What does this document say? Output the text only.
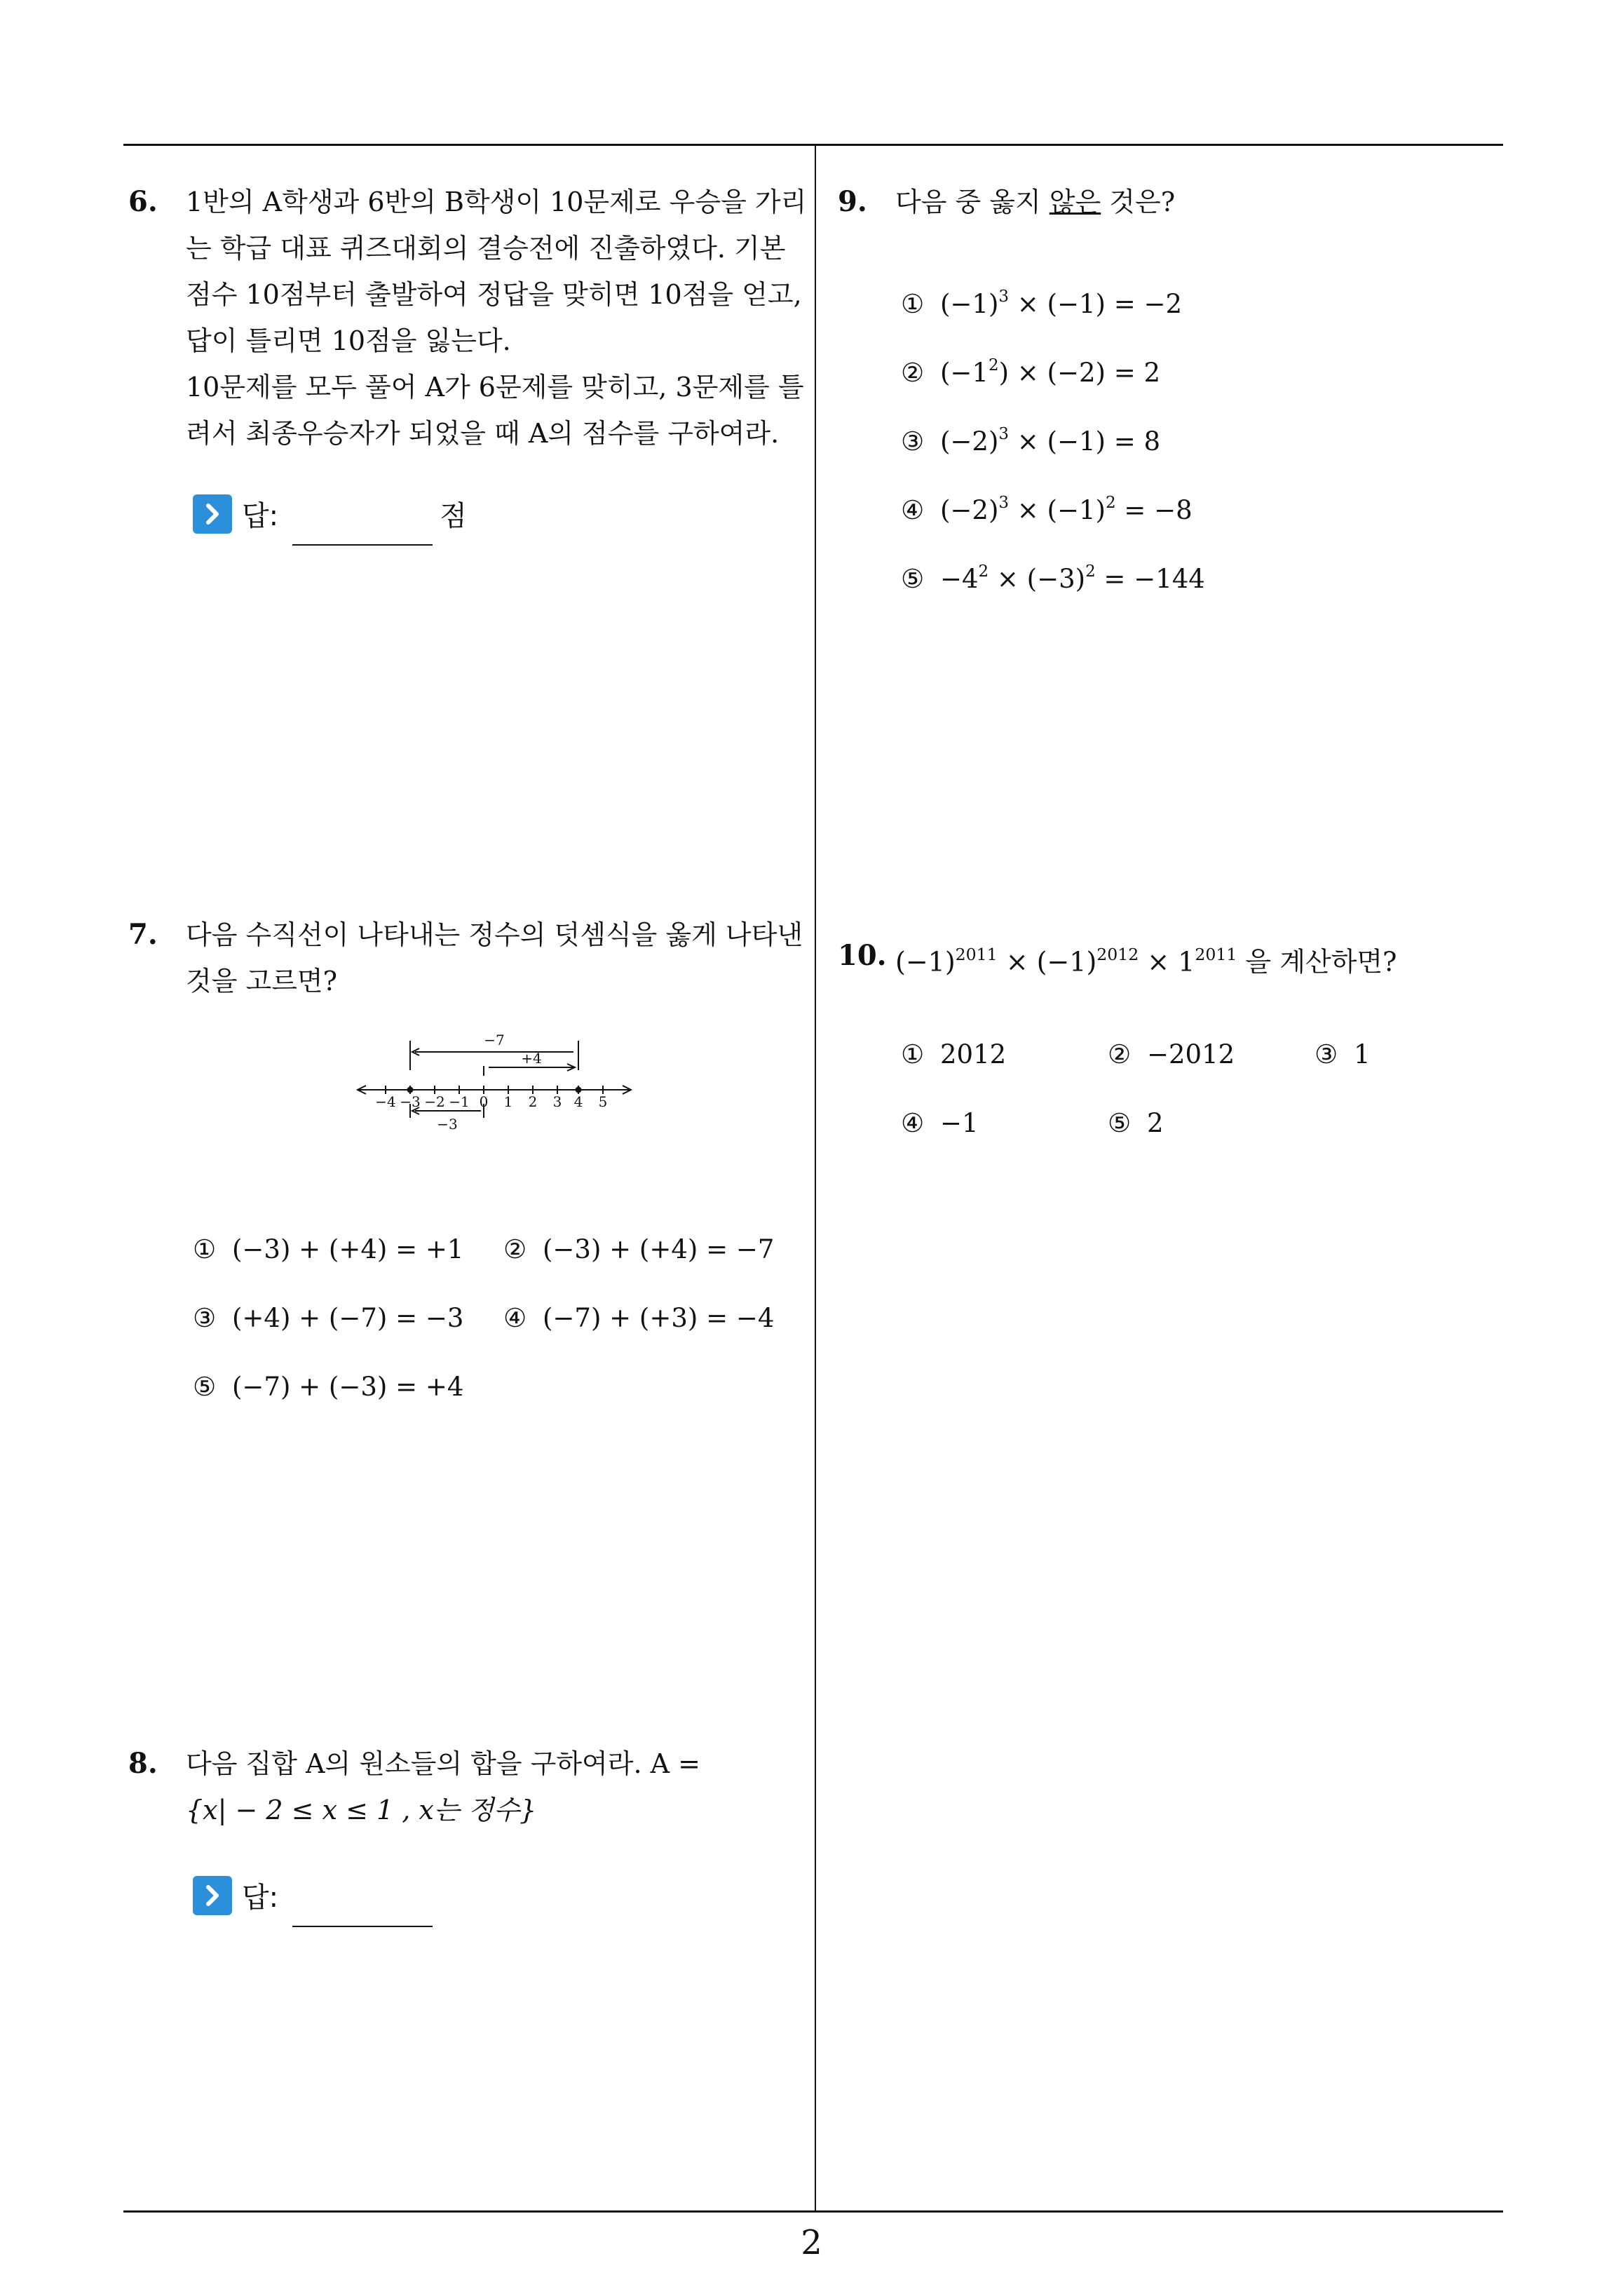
6. 1반의 A학생과 6반의 B학생이 10문제로 우승을 가리
는 학급 대표 퀴즈대회의 결승전에 진출하였다. 기본
점수 10점부터 출발하여 정답을 맞히면 10점을 얻고,
답이 틀리면 10점을 잃는다.
10문제를 모두 풀어 A가 6문제를 맞히고, 3문제를 틀
려서 최종우승자가 되었을 때 A의 점수를 구하여라.
답:	점
7. 다음 수직선이 나타내는 정수의 덧셈식을 옳게 나타낸
것을 고르면?
−7
+4
−3
−4 −3 −2 −1 0 1 2 3 4 5
① (−3) + (+4) = +1 ② (−3) + (+4) = −7
③ (+4) + (−7) = −3 ④ (−7) + (+3) = −4
⑤ (−7) + (−3) = +4
8. 다음 집합 A의 원소들의 합을 구하여라. A =
{x| − 2 ≤ x ≤ 1 , x는 정수}
답:
9. 다음 중 옳지 않은 것은?
① $(-1)^3 \times (-1) = -2$
② $(-1^2) \times (-2) = 2$
③ $(-2)^3 \times (-1) = 8$
④ $(-2)^3 \times (-1)^2 = -8$
⑤ $-4^2 \times (-3)^2 = -144$
10. $(-1)^{2011} \times (-1)^{2012} \times 1^{2011}$ 을 계산하면?
① 2012	② −2012	③ 1
④ −1	⑤ 2
2
